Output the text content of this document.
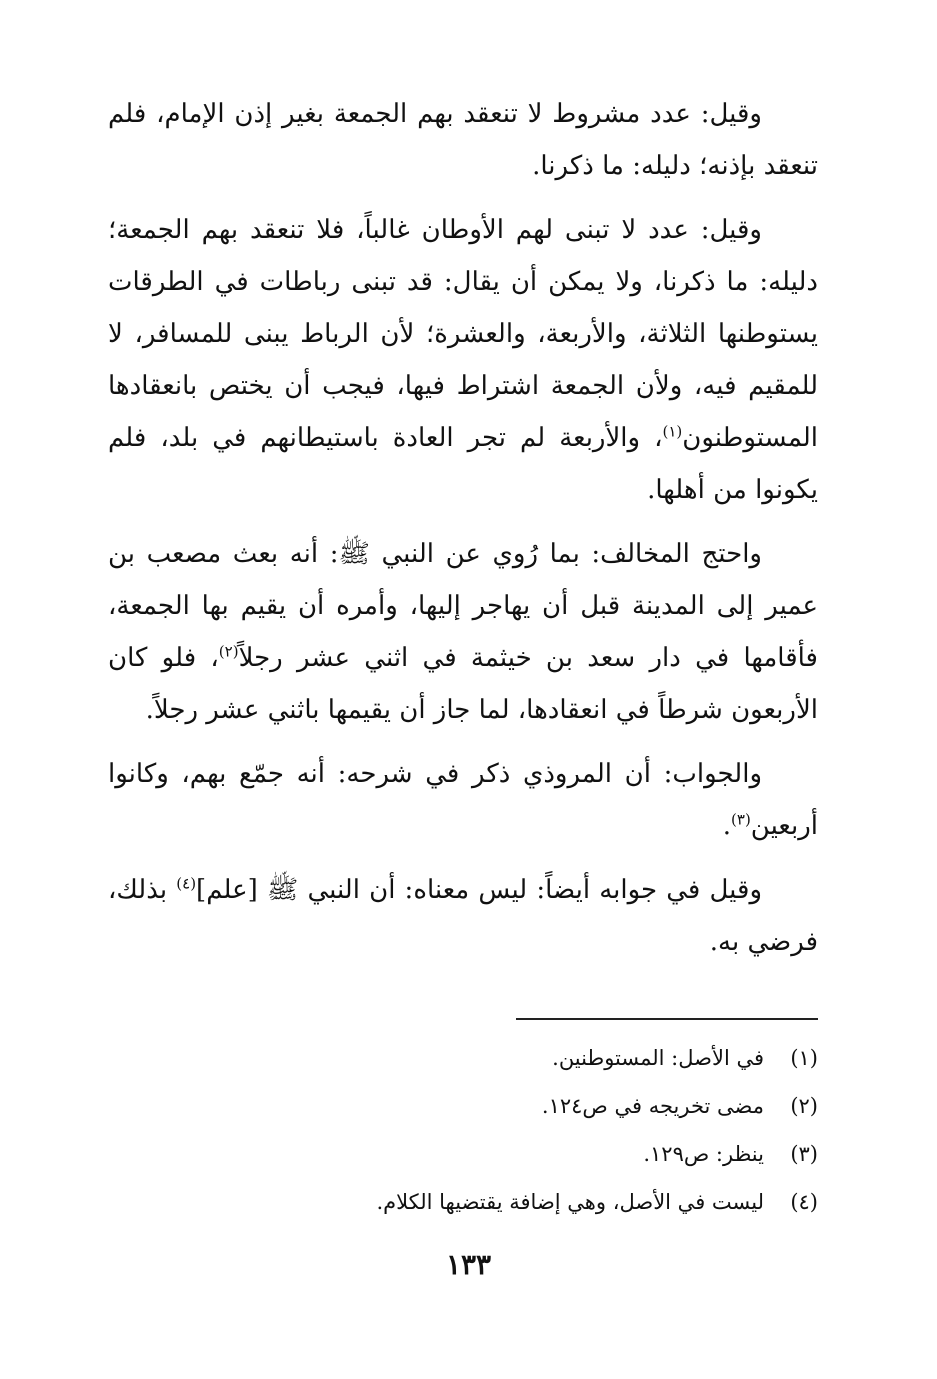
وقيل: عدد مشروط لا تنعقد بهم الجمعة بغير إذن الإمام، فلم تنعقد بإذنه؛ دليله: ما ذكرنا.

وقيل: عدد لا تبنى لهم الأوطان غالباً، فلا تنعقد بهم الجمعة؛ دليله: ما ذكرنا، ولا يمكن أن يقال: قد تبنى رباطات في الطرقات يستوطنها الثلاثة، والأربعة، والعشرة؛ لأن الرباط يبنى للمسافر، لا للمقيم فيه، ولأن الجمعة اشتراط فيها، فيجب أن يختص بانعقادها المستوطنون$^{(١)}$، والأربعة لم تجر العادة باستيطانهم في بلد، فلم يكونوا من أهلها.

واحتج المخالف: بما رُوي عن النبي ﷺ: أنه بعث مصعب بن عمير إلى المدينة قبل أن يهاجر إليها، وأمره أن يقيم بها الجمعة، فأقامها في دار سعد بن خيثمة في اثني عشر رجلاً$^{(٢)}$، فلو كان الأربعون شرطاً في انعقادها، لما جاز أن يقيمها باثني عشر رجلاً.

والجواب: أن المروذي ذكر في شرحه: أنه جمّع بهم، وكانوا أربعين$^{(٣)}$.

وقيل في جوابه أيضاً: ليس معناه: أن النبي ﷺ [علم]$^{(٤)}$ بذلك، فرضي به.

(١)
في الأصل: المستوطنين.
(٢)
مضى تخريجه في ص١٢٤.
(٣)
ينظر: ص١٢٩.
(٤)
ليست في الأصل، وهي إضافة يقتضيها الكلام.
١٣٣
